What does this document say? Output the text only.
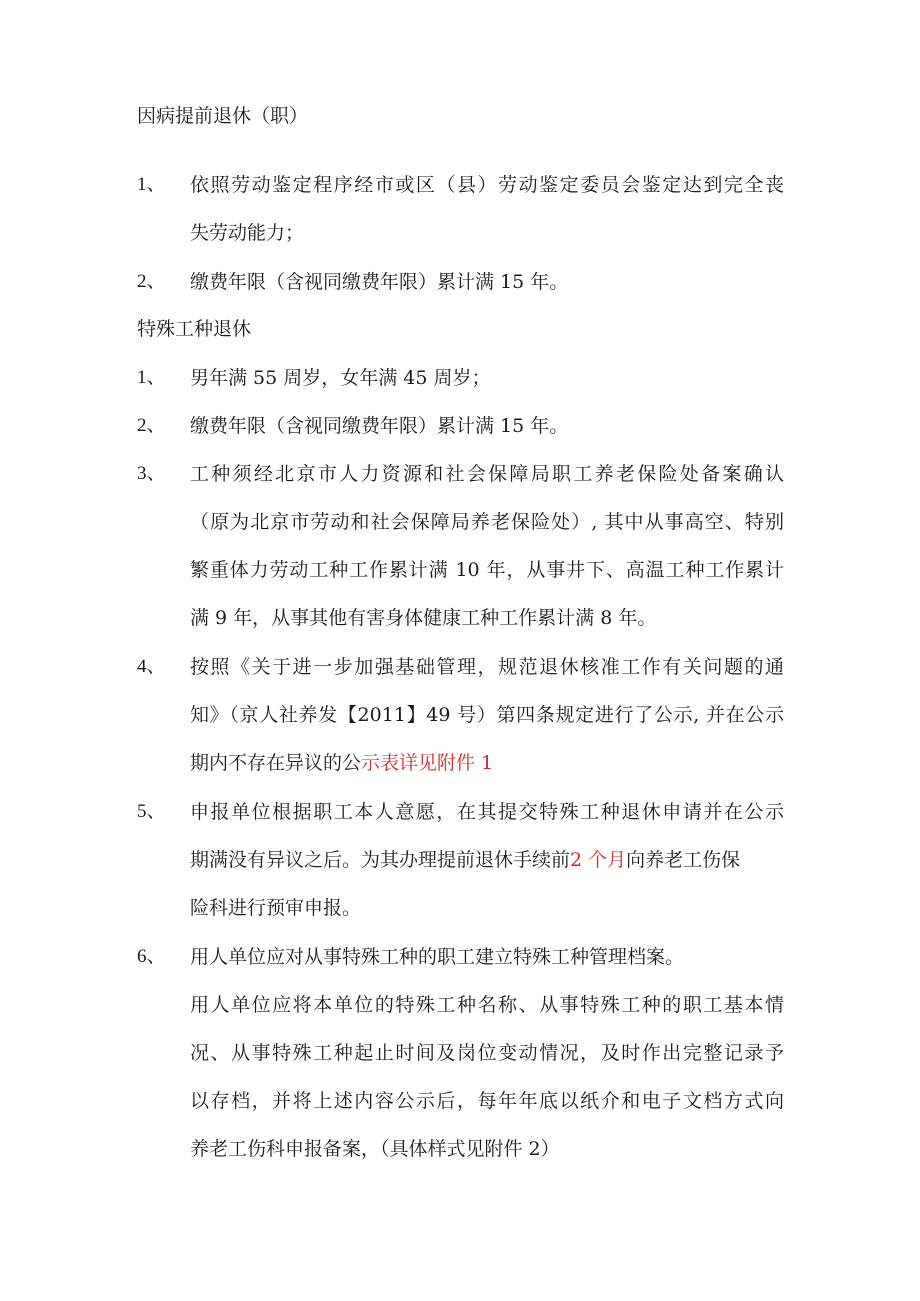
因病提前退休（职）
1、 依照劳动鉴定程序经市或区（县）劳动鉴定委员会鉴定达到完全丧
失劳动能力；
2、 缴费年限（含视同缴费年限）累计满 15 年。
特殊工种退休
1、 男年满 55 周岁，女年满 45 周岁；
2、 缴费年限（含视同缴费年限）累计满 15 年。
3、 工种须经北京市人力资源和社会保障局职工养老保险处备案确认
（原为北京市劳动和社会保障局养老保险处）, 其中从事高空、特别
繁重体力劳动工种工作累计满 10 年，从事井下、高温工种工作累计
满 9 年，从事其他有害身体健康工种工作累计满 8 年。
4、 按照《关于进一步加强基础管理，规范退休核准工作有关问题的通
知》（京人社养发【2011】49 号）第四条规定进行了公示, 并在公示
期内不存在异议的公示表详见附件 1
5、 申报单位根据职工本人意愿，在其提交特殊工种退休申请并在公示
期满没有异议之后。为其办理提前退休手续前2 个月向养老工伤保
险科进行预审申报。
6、 用人单位应对从事特殊工种的职工建立特殊工种管理档案。
用人单位应将本单位的特殊工种名称、从事特殊工种的职工基本情
况、从事特殊工种起止时间及岗位变动情况，及时作出完整记录予
以存档，并将上述内容公示后，每年年底以纸介和电子文档方式向
养老工伤科申报备案，（具体样式见附件 2）
